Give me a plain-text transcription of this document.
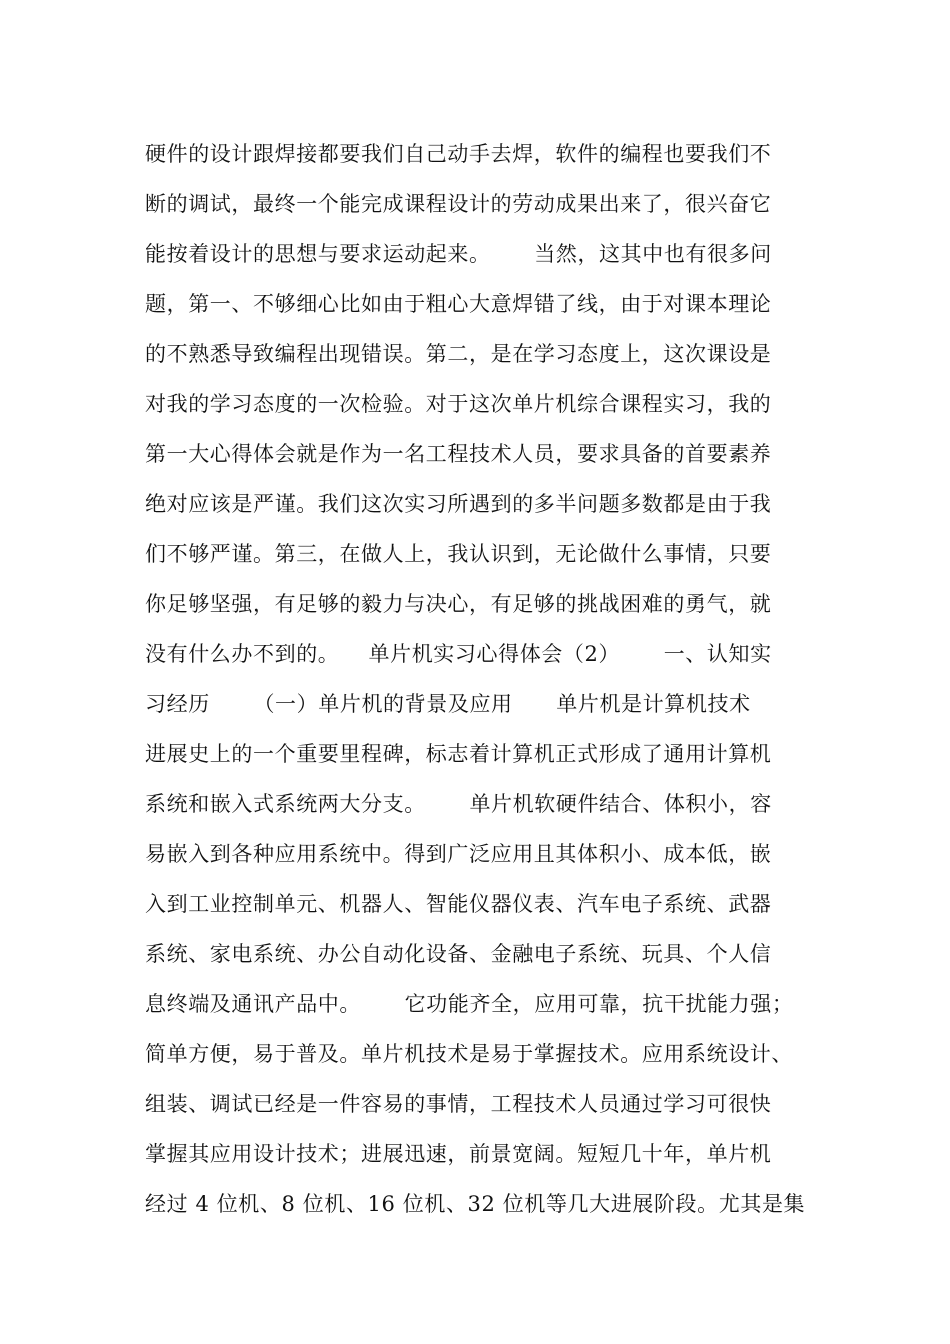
硬件的设计跟焊接都要我们自己动手去焊，软件的编程也要我们不
断的调试，最终一个能完成课程设计的劳动成果出来了，很兴奋它
能按着设计的思想与要求运动起来。      当然，这其中也有很多问
题，第一、不够细心比如由于粗心大意焊错了线，由于对课本理论
的不熟悉导致编程出现错误。第二，是在学习态度上，这次课设是
对我的学习态度的一次检验。对于这次单片机综合课程实习，我的
第一大心得体会就是作为一名工程技术人员，要求具备的首要素养
绝对应该是严谨。我们这次实习所遇到的多半问题多数都是由于我
们不够严谨。第三，在做人上，我认识到，无论做什么事情，只要
你足够坚强，有足够的毅力与决心，有足够的挑战困难的勇气，就
没有什么办不到的。    单片机实习心得体会（2）      一、认知实
习经历      （一）单片机的背景及应用      单片机是计算机技术
进展史上的一个重要里程碑，标志着计算机正式形成了通用计算机
系统和嵌入式系统两大分支。      单片机软硬件结合、体积小，容
易嵌入到各种应用系统中。得到广泛应用且其体积小、成本低，嵌
入到工业控制单元、机器人、智能仪器仪表、汽车电子系统、武器
系统、家电系统、办公自动化设备、金融电子系统、玩具、个人信
息终端及通讯产品中。      它功能齐全，应用可靠，抗干扰能力强；
简单方便，易于普及。单片机技术是易于掌握技术。应用系统设计、
组装、调试已经是一件容易的事情，工程技术人员通过学习可很快
掌握其应用设计技术；进展迅速，前景宽阔。短短几十年，单片机
经过 4 位机、8 位机、16 位机、32 位机等几大进展阶段。尤其是集
